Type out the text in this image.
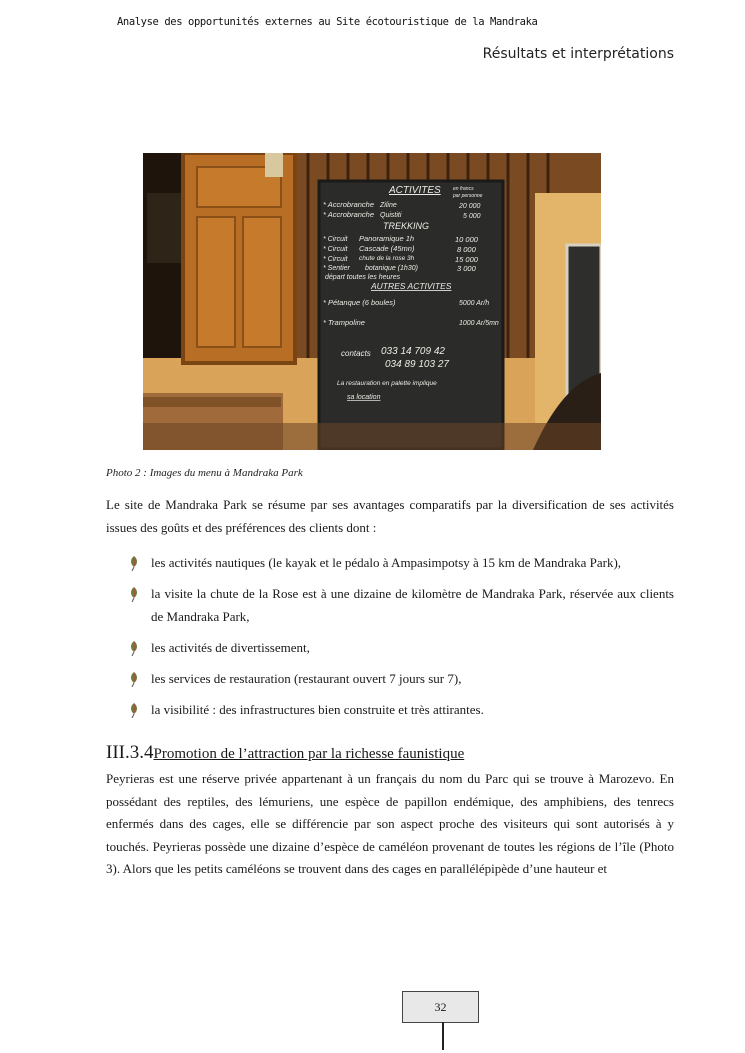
Analyse des opportunités externes au Site écotouristique de la Mandraka
Résultats et interprétations
ACTIVITES en francs
par personne
* Accrobranche Ziline	20 000
* Accrobranche Quistiti	5 000
TREKKING
* Circuit Panoramique 1h	10 000
* Circuit Cascade (45mn)	8 000
* Circuit chute de la rose 3h	15 000
* Sentier botanique (1h30)	3 000
départ toutes les heures
AUTRES ACTIVITES
* Pétanque (6 boules)	5000 Ar/h
* Trampoline	1000 Ar/5mn
contacts 033 14 709 42
034 89 103 27
La restauration en palette implique
sa location
Photo 2 : Images du menu à Mandraka Park
Le site de Mandraka Park se résume par ses avantages comparatifs par la diversification de ses activités issues des goûts et des préférences des clients dont :
les activités nautiques (le kayak et le pédalo à Ampasimpotsy à 15 km de Mandraka Park),
la visite la chute de la Rose est à une dizaine de kilomètre de Mandraka Park, réservée aux clients de Mandraka Park,
les activités de divertissement,
les services de restauration (restaurant ouvert 7 jours sur 7),
la visibilité : des infrastructures bien construite et très attirantes.
III.3.4Promotion de l’attraction par la richesse faunistique
Peyrieras est une réserve privée appartenant à un français du nom du Parc qui se trouve à Marozevo. En possédant des reptiles, des lémuriens, une espèce de papillon endémique, des amphibiens, des tenrecs enfermés dans des cages, elle se différencie par son aspect proche des visiteurs qui sont autorisés à y touchés. Peyrieras possède une dizaine d’espèce de caméléon provenant de toutes les régions de l’île (Photo 3). Alors que les petits caméléons se trouvent dans des cages en parallélépipède d’une hauteur et
32
